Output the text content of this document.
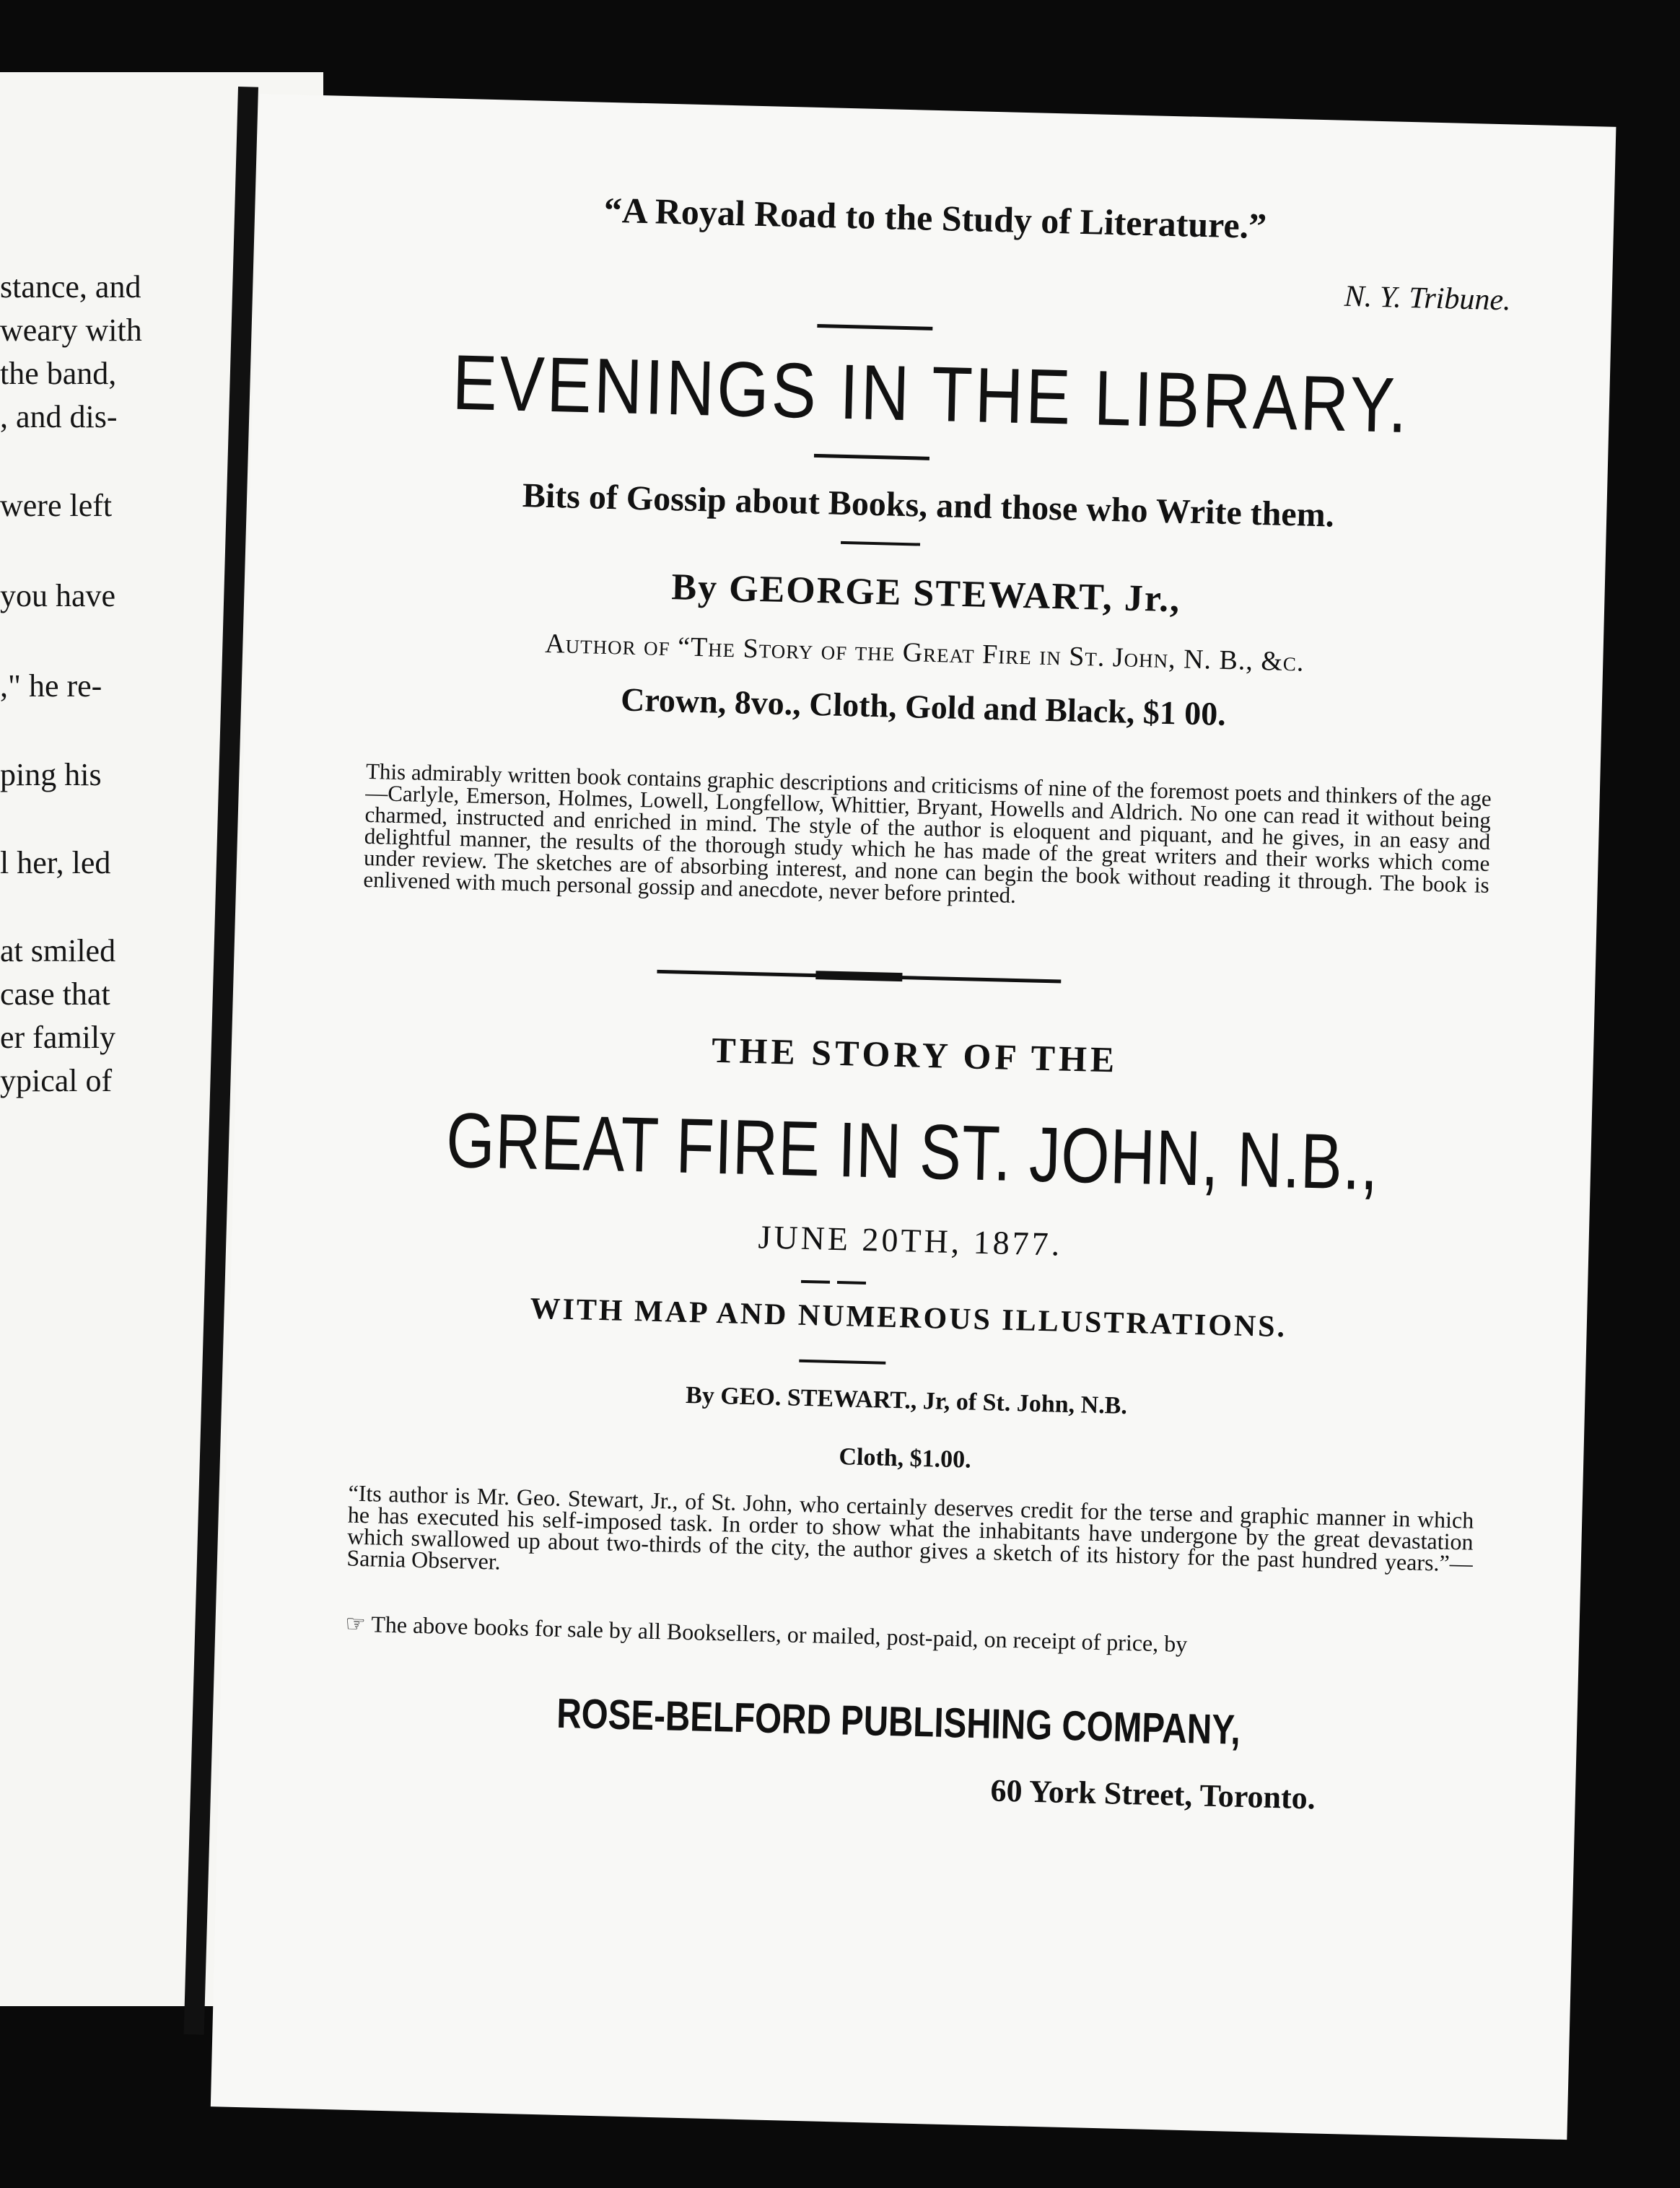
stance, and
weary with
the band,
, and dis-
were left
you have
," he re-
ping his
l her, led
at smiled
case that
er family
ypical of
“A Royal Road to the Study of Literature.”
N. Y. Tribune.
EVENINGS IN THE LIBRARY.
Bits of Gossip about Books, and those who Write them.
By GEORGE STEWART, Jr.,
Author of “The Story of the Great Fire in St. John, N. B., &c.
Crown, 8vo., Cloth, Gold and Black, $1 00.
This admirably written book contains graphic descriptions and criticisms of nine of the foremost poets and thinkers of the age—Carlyle, Emerson, Holmes, Lowell, Longfellow, Whittier, Bryant, Howells and Aldrich. No one can read it without being charmed, instructed and enriched in mind. The style of the author is eloquent and piquant, and he gives, in an easy and delightful manner, the results of the thorough study which he has made of the great writers and their works which come under review. The sketches are of absorbing interest, and none can begin the book without reading it through. The book is enlivened with much personal gossip and anecdote, never before printed.
THE STORY OF THE
GREAT FIRE IN ST. JOHN, N.B.,
JUNE 20TH, 1877.
WITH MAP AND NUMEROUS ILLUSTRATIONS.
By GEO. STEWART., Jr, of St. John, N.B.
Cloth, $1.00.
“Its author is Mr. Geo. Stewart, Jr., of St. John, who certainly deserves credit for the terse and graphic manner in which he has executed his self-imposed task. In order to show what the inhabitants have undergone by the great devastation which swallowed up about two-thirds of the city, the author gives a sketch of its history for the past hundred years.”—Sarnia Observer.
☞ The above books for sale by all Booksellers, or mailed, post-paid, on receipt of price, by
ROSE-BELFORD PUBLISHING COMPANY,
60 York Street, Toronto.
